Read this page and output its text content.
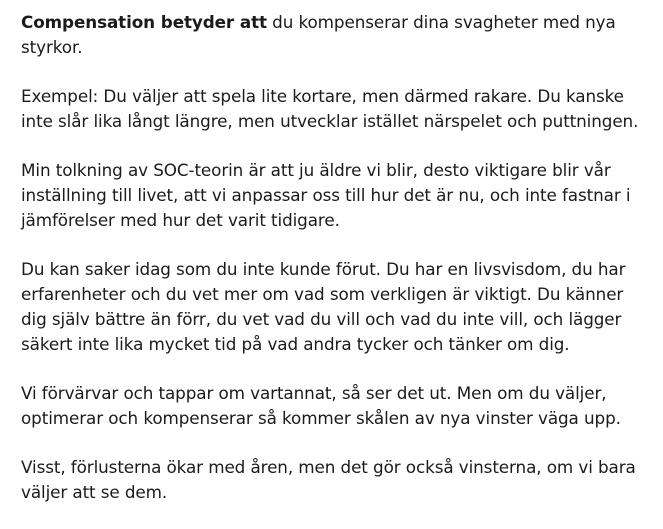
Compensation betyder att du kompenserar dina svagheter med nya styrkor.

Exempel: Du väljer att spela lite kortare, men därmed rakare. Du kanske inte slår lika långt längre, men utvecklar istället närspelet och puttningen.

Min tolkning av SOC-teorin är att ju äldre vi blir, desto viktigare blir vår inställning till livet, att vi anpassar oss till hur det är nu, och inte fastnar i jämförelser med hur det varit tidigare.

Du kan saker idag som du inte kunde förut. Du har en livsvisdom, du har erfarenheter och du vet mer om vad som verkligen är viktigt. Du känner dig själv bättre än förr, du vet vad du vill och vad du inte vill, och lägger säkert inte lika mycket tid på vad andra tycker och tänker om dig.

Vi förvärvar och tappar om vartannat, så ser det ut. Men om du väljer, optimerar och kompenserar så kommer skålen av nya vinster väga upp.

Visst, förlusterna ökar med åren, men det gör också vinsterna, om vi bara väljer att se dem.
